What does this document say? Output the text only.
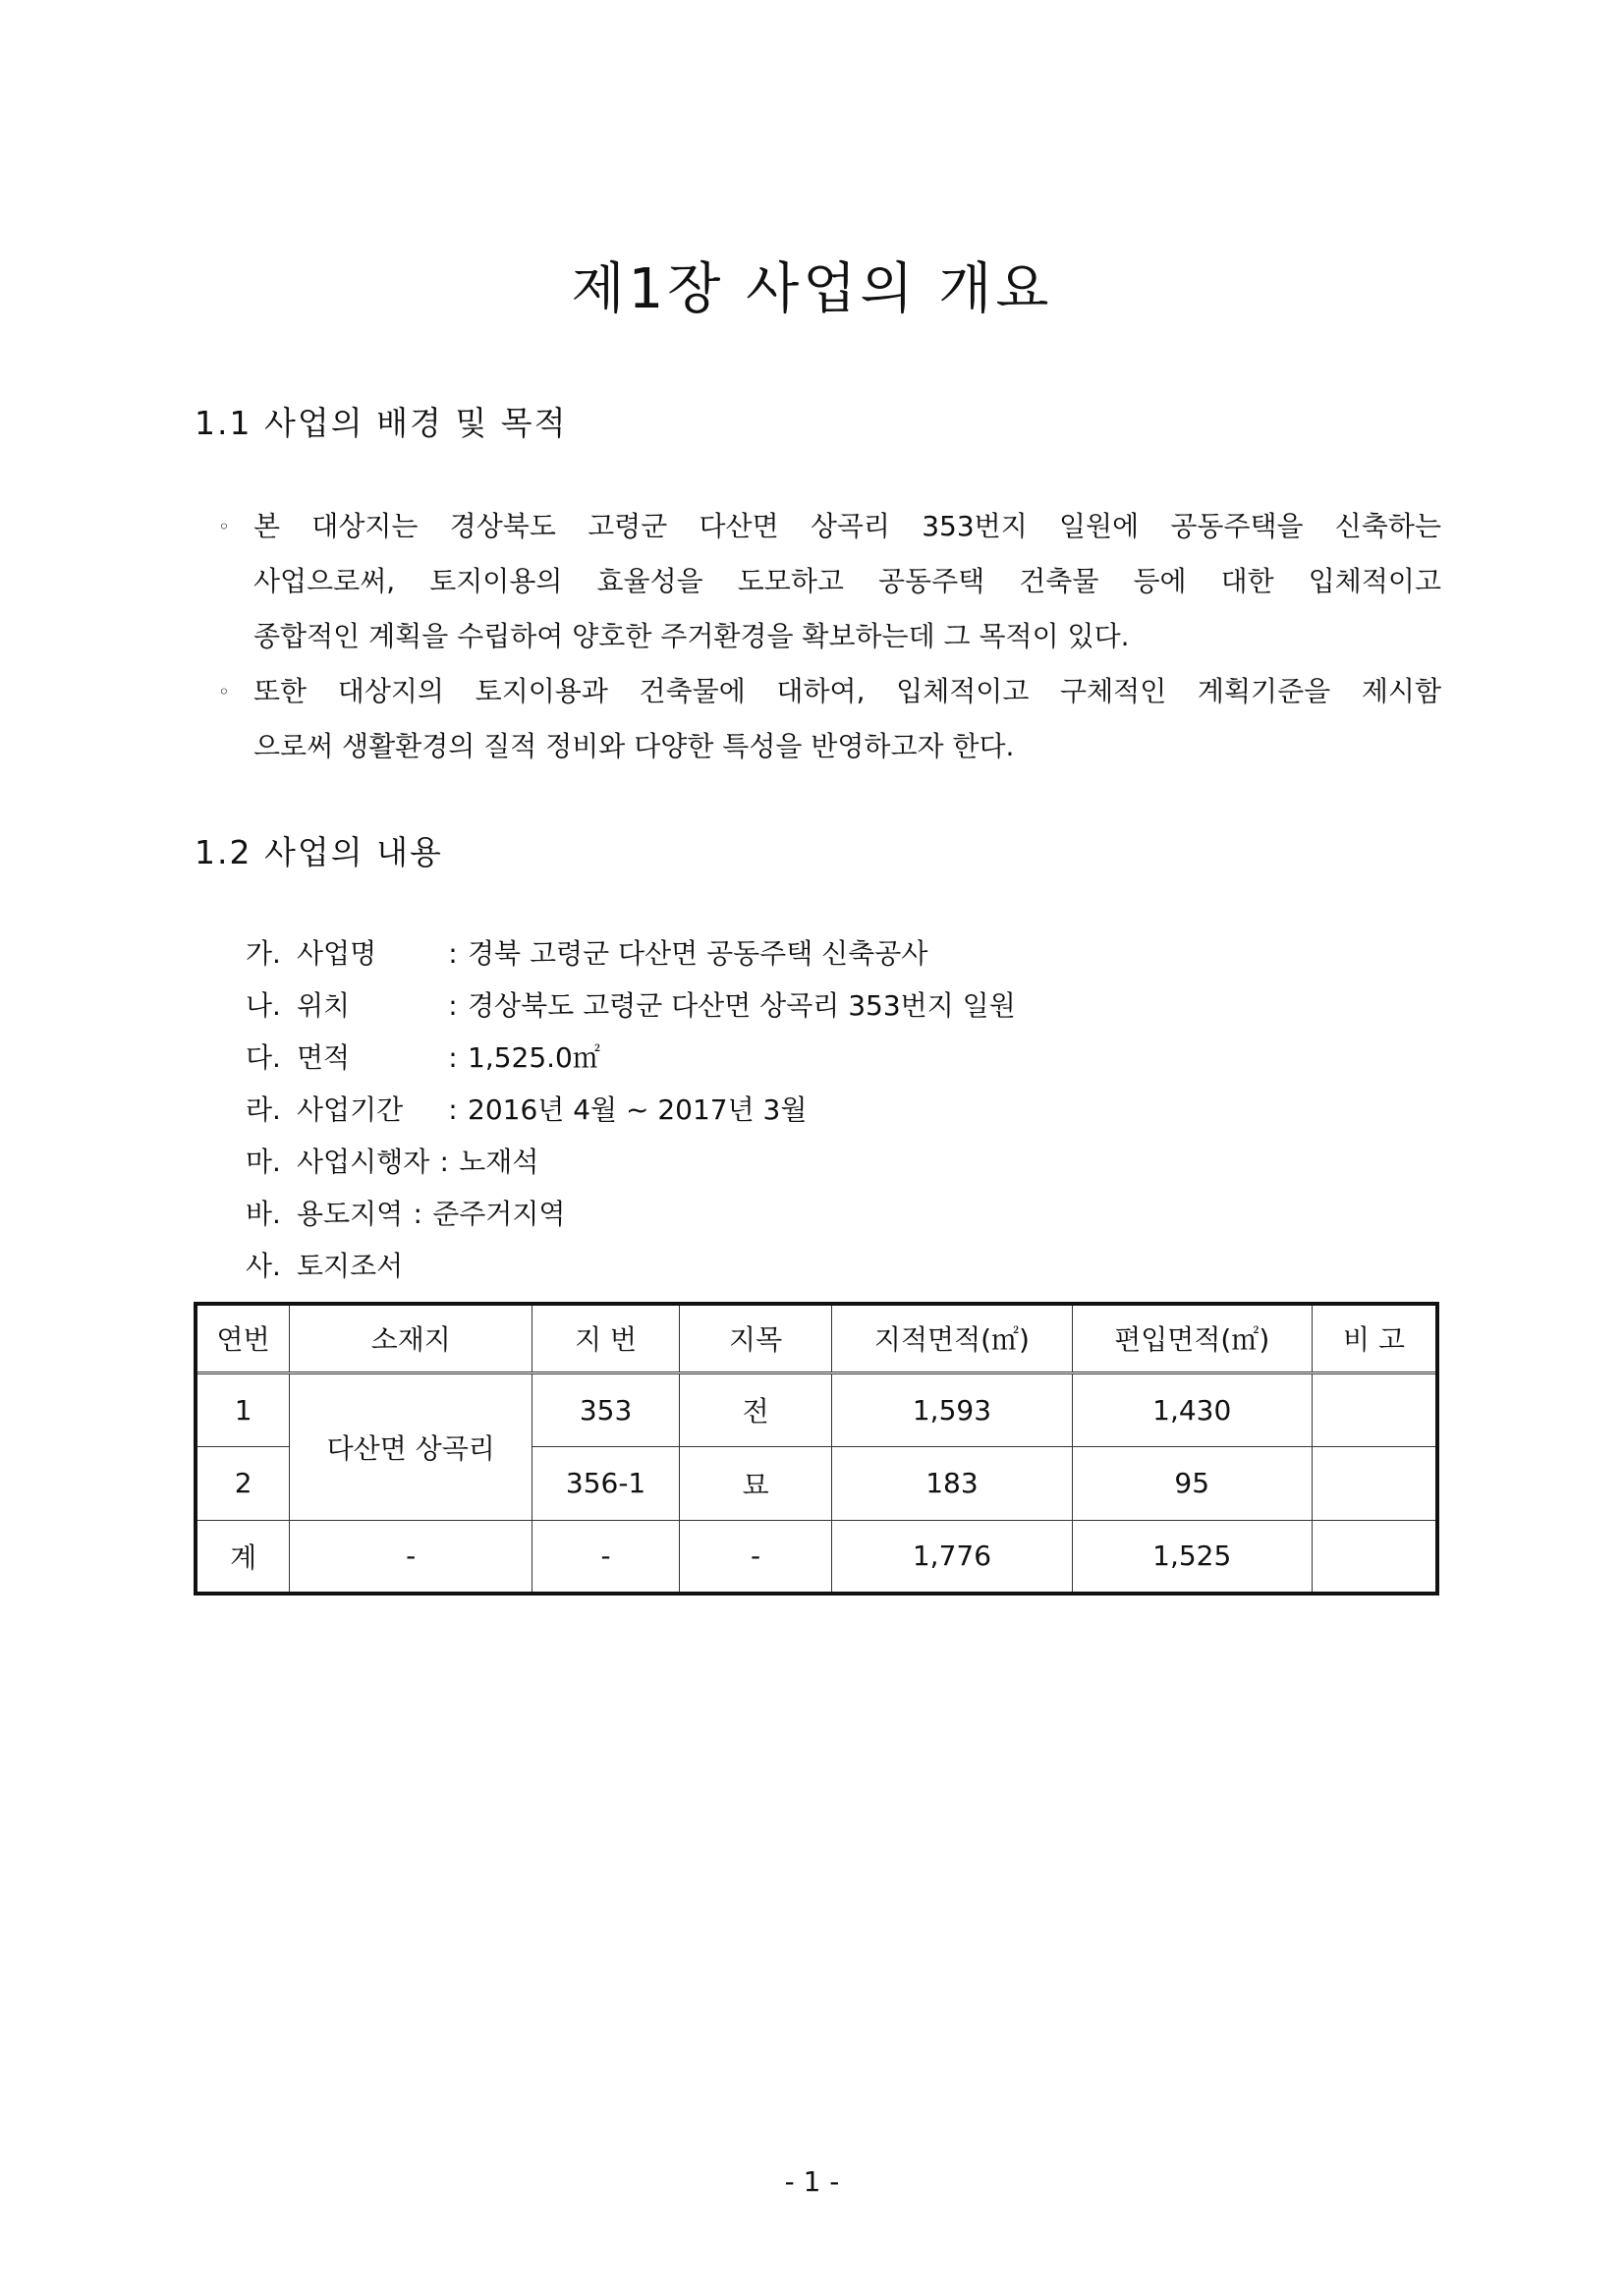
제1장 사업의 개요
1.1 사업의 배경 및 목적
◦ 본 대상지는 경상북도 고령군 다산면 상곡리 353번지 일원에 공동주택을 신축하는
사업으로써, 토지이용의 효율성을 도모하고 공동주택 건축물 등에 대한 입체적이고
종합적인 계획을 수립하여 양호한 주거환경을 확보하는데 그 목적이 있다.
◦ 또한 대상지의 토지이용과 건축물에 대하여, 입체적이고 구체적인 계획기준을 제시함
으로써 생활환경의 질적 정비와 다양한 특성을 반영하고자 한다.
1.2 사업의 내용
가. 사업명	: 경북 고령군 다산면 공동주택 신축공사
나. 위치	: 경상북도 고령군 다산면 상곡리 353번지 일원
다. 면적	: 1,525.0㎡
라. 사업기간 : 2016년 4월 ~ 2017년 3월
마. 사업시행자 : 노재석
바. 용도지역 : 준주거지역
사. 토지조서
연번	소재지	지 번	지목	지적면적(㎡)	편입면적(㎡)	비 고
1	다산면 상곡리	353	전	1,593	1,430	
2		356-1	묘	183	95	
계	-	-	-	1,776	1,525	
- 1 -
